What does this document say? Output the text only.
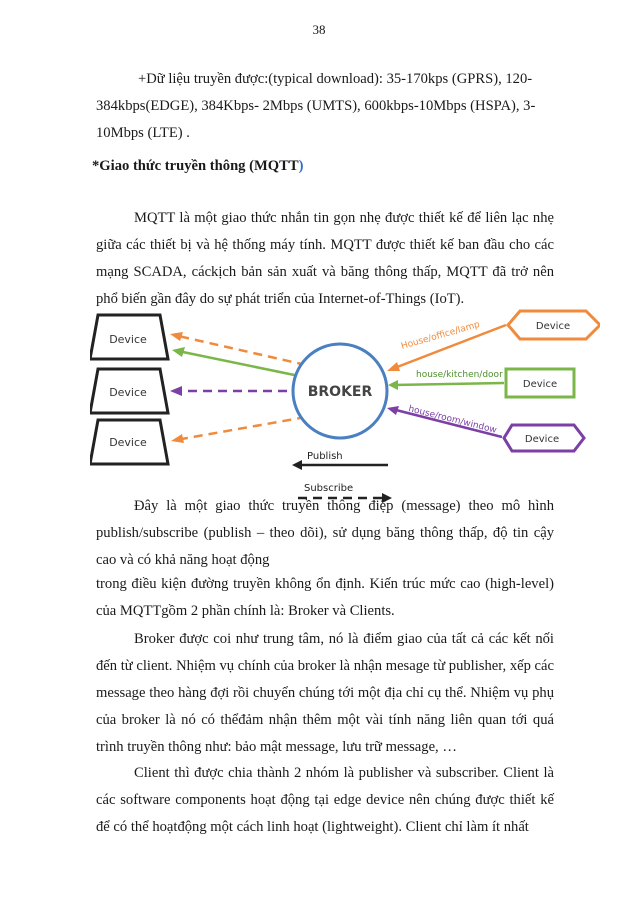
38

+Dữ liệu truyền được:(typical download): 35-170kps (GPRS), 120-384kbps(EDGE), 384Kbps- 2Mbps (UMTS), 600kbps-10Mbps (HSPA), 3-10Mbps (LTE) .

*Giao thức truyền thông (MQTT)

MQTT là một giao thức nhắn tin gọn nhẹ được thiết kế để liên lạc nhẹ giữa các thiết bị và hệ thống máy tính. MQTT được thiết kế ban đầu cho các mạng SCADA, cáckịch bản sản xuất và băng thông thấp, MQTT đã trở nên phổ biến gần đây do sự phát triển của Internet-of-Things (IoT).

Device
Device
Device
BROKER
Device
Device
Device
House/office/lamp
house/kitchen/door
house/room/window
Publish
Subscribe

Đây là một giao thức truyền thông điệp (message) theo mô hình publish/subscribe (publish – theo dõi), sử dụng băng thông thấp, độ tin cậy cao và có khả năng hoạt động

trong điều kiện đường truyền không ổn định. Kiến trúc mức cao (high-level) của MQTTgồm 2 phần chính là: Broker và Clients.

Broker được coi như trung tâm, nó là điểm giao của tất cả các kết nối đến từ client. Nhiệm vụ chính của broker là nhận mesage từ publisher, xếp các message theo hàng đợi rồi chuyển chúng tới một địa chỉ cụ thể. Nhiệm vụ phụ của broker là nó có thểđảm nhận thêm một vài tính năng liên quan tới quá trình truyền thông như: bảo mật message, lưu trữ message, …

Client thì được chia thành 2 nhóm là publisher và subscriber. Client là các software components hoạt động tại edge device nên chúng được thiết kế để có thể hoạtđộng một cách linh hoạt (lightweight). Client chỉ làm ít nhất
